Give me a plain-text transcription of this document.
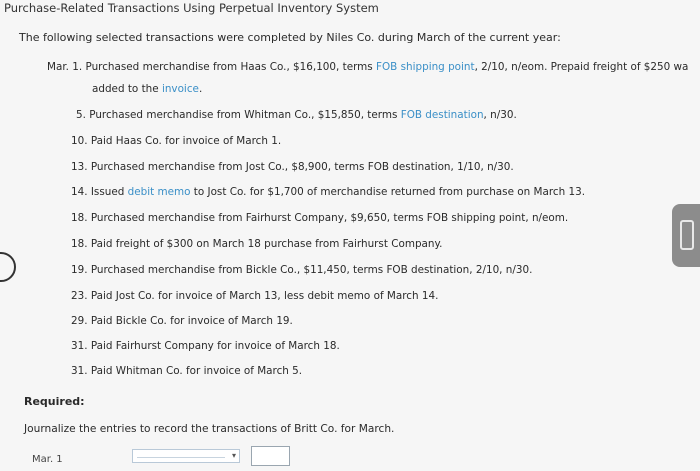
Purchase-Related Transactions Using Perpetual Inventory System
The following selected transactions were completed by Niles Co. during March of the current year:
Mar. 1. Purchased merchandise from Haas Co., $16,100, terms FOB shipping point, 2/10, n/eom. Prepaid freight of $250 wa
added to the invoice.
5. Purchased merchandise from Whitman Co., $15,850, terms FOB destination, n/30.
10. Paid Haas Co. for invoice of March 1.
13. Purchased merchandise from Jost Co., $8,900, terms FOB destination, 1/10, n/30.
14. Issued debit memo to Jost Co. for $1,700 of merchandise returned from purchase on March 13.
18. Purchased merchandise from Fairhurst Company, $9,650, terms FOB shipping point, n/eom.
18. Paid freight of $300 on March 18 purchase from Fairhurst Company.
19. Purchased merchandise from Bickle Co., $11,450, terms FOB destination, 2/10, n/30.
23. Paid Jost Co. for invoice of March 13, less debit memo of March 14.
29. Paid Bickle Co. for invoice of March 19.
31. Paid Fairhurst Company for invoice of March 18.
31. Paid Whitman Co. for invoice of March 5.
Required:
Journalize the entries to record the transactions of Britt Co. for March.
Mar. 1	▾
